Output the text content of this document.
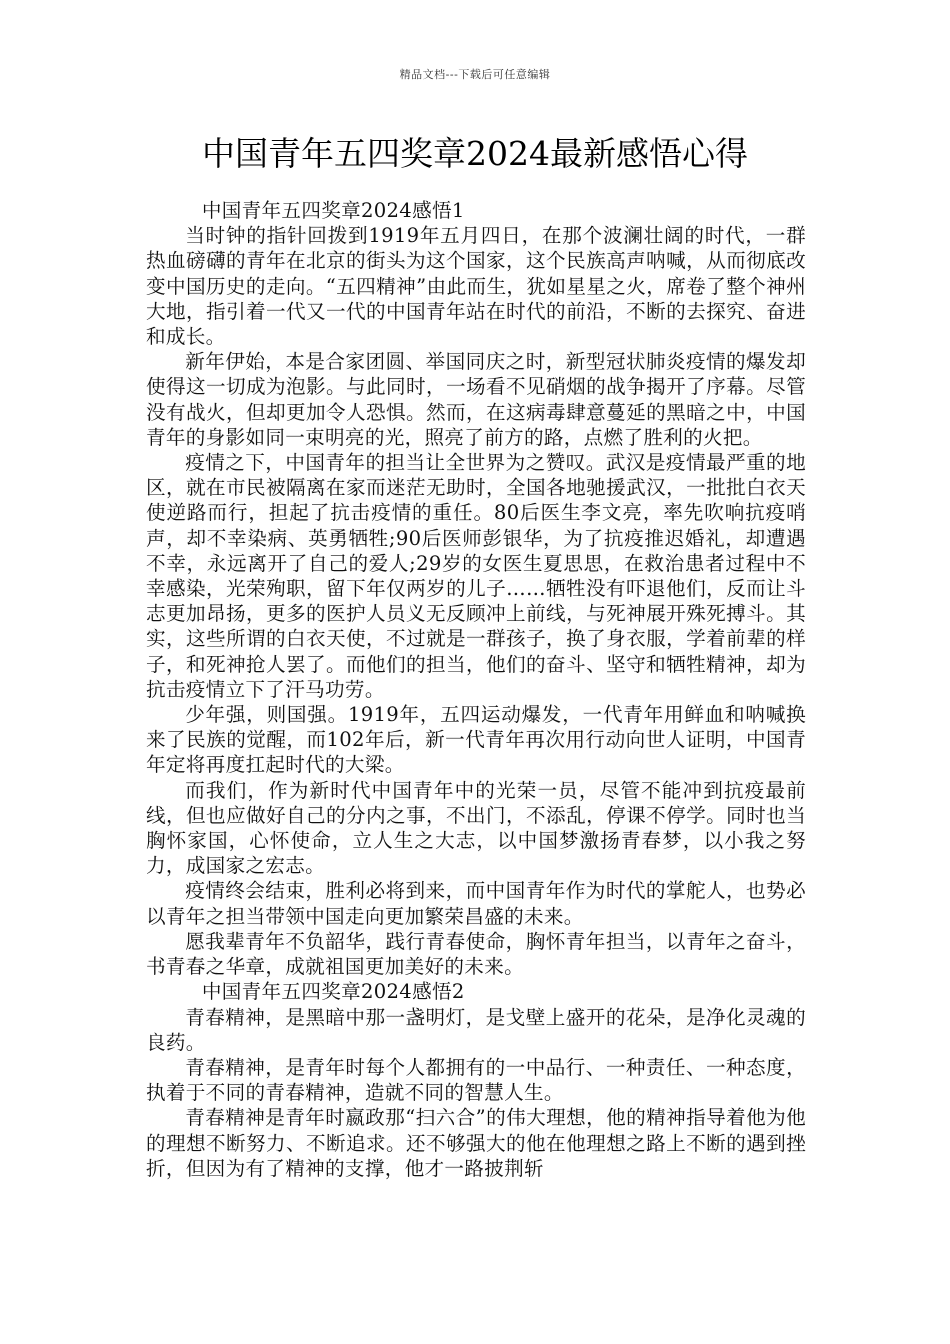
精品文档---下载后可任意编辑
中国青年五四奖章2024最新感悟心得

中国青年五四奖章2024感悟1

当时钟的指针回拨到1919年五月四日，在那个波澜壮阔的时代，一群热血磅礴的青年在北京的街头为这个国家，这个民族高声呐喊，从而彻底改变中国历史的走向。“五四精神”由此而生，犹如星星之火，席卷了整个神州大地，指引着一代又一代的中国青年站在时代的前沿，不断的去探究、奋进和成长。

新年伊始，本是合家团圆、举国同庆之时，新型冠状肺炎疫情的爆发却使得这一切成为泡影。与此同时，一场看不见硝烟的战争揭开了序幕。尽管没有战火，但却更加令人恐惧。然而，在这病毒肆意蔓延的黑暗之中，中国青年的身影如同一束明亮的光，照亮了前方的路，点燃了胜利的火把。

疫情之下，中国青年的担当让全世界为之赞叹。武汉是疫情最严重的地区，就在市民被隔离在家而迷茫无助时，全国各地驰援武汉，一批批白衣天使逆路而行，担起了抗击疫情的重任。80后医生李文亮，率先吹响抗疫哨声，却不幸染病、英勇牺牲;90后医师彭银华，为了抗疫推迟婚礼，却遭遇不幸，永远离开了自己的爱人;29岁的女医生夏思思，在救治患者过程中不幸感染，光荣殉职，留下年仅两岁的儿子……牺牲没有吓退他们，反而让斗志更加昂扬，更多的医护人员义无反顾冲上前线，与死神展开殊死搏斗。其实，这些所谓的白衣天使，不过就是一群孩子，换了身衣服，学着前辈的样子，和死神抢人罢了。而他们的担当，他们的奋斗、坚守和牺牲精神，却为抗击疫情立下了汗马功劳。

少年强，则国强。1919年，五四运动爆发，一代青年用鲜血和呐喊换来了民族的觉醒，而102年后，新一代青年再次用行动向世人证明，中国青年定将再度扛起时代的大梁。

而我们，作为新时代中国青年中的光荣一员，尽管不能冲到抗疫最前线，但也应做好自己的分内之事，不出门，不添乱，停课不停学。同时也当胸怀家国，心怀使命，立人生之大志，以中国梦激扬青春梦，以小我之努力，成国家之宏志。

疫情终会结束，胜利必将到来，而中国青年作为时代的掌舵人，也势必以青年之担当带领中国走向更加繁荣昌盛的未来。

愿我辈青年不负韶华，践行青春使命，胸怀青年担当，以青年之奋斗，书青春之华章，成就祖国更加美好的未来。

中国青年五四奖章2024感悟2

青春精神，是黑暗中那一盏明灯，是戈壁上盛开的花朵，是净化灵魂的良药。

青春精神，是青年时每个人都拥有的一中品行、一种责任、一种态度，执着于不同的青春精神，造就不同的智慧人生。

青春精神是青年时嬴政那“扫六合”的伟大理想，他的精神指导着他为他的理想不断努力、不断追求。还不够强大的他在他理想之路上不断的遇到挫折，但因为有了精神的支撑，他才一路披荆斩
